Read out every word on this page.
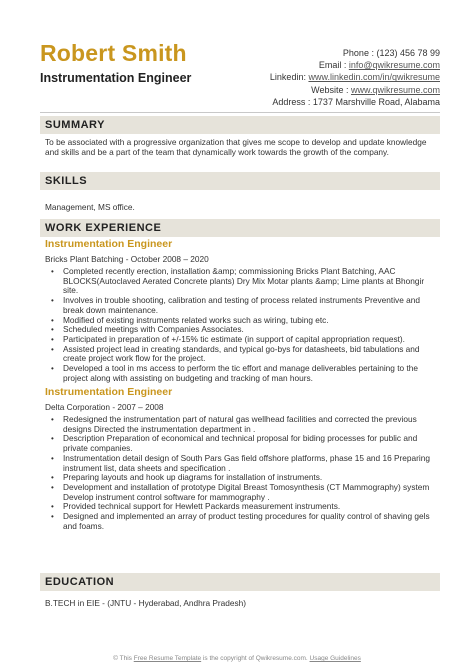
Robert Smith
Instrumentation Engineer
Phone : (123) 456 78 99
Email : info@qwikresume.com
Linkedin: www.linkedin.com/in/qwikresume
Website : www.qwikresume.com
Address : 1737 Marshville Road, Alabama
SUMMARY
To be associated with a progressive organization that gives me scope to develop and update knowledge and skills and be a part of the team that dynamically work towards the growth of the company.
SKILLS
Management, MS office.
WORK EXPERIENCE
Instrumentation Engineer
Bricks Plant Batching - October 2008 – 2020
• Completed recently erection, installation &amp; commissioning Bricks Plant Batching, AAC BLOCKS(Autoclaved Aerated Concrete plants) Dry Mix Motar plants &amp; Lime plants at Bhongir site.
• Involves in trouble shooting, calibration and testing of process related instruments Preventive and break down maintenance.
• Modified of existing instruments related works such as wiring, tubing etc.
• Scheduled meetings with Companies Associates.
• Participated in preparation of +/-15% tic estimate (in support of capital appropriation request).
• Assisted project lead in creating standards, and typical go-bys for datasheets, bid tabulations and create project work flow for the project.
• Developed a tool in ms access to perform the tic effort and manage deliverables pertaining to the project along with assisting on budgeting and tracking of man hours.
Instrumentation Engineer
Delta Corporation - 2007 – 2008
• Redesigned the instrumentation part of natural gas wellhead facilities and corrected the previous designs Directed the instrumentation department in .
• Description Preparation of economical and technical proposal for biding processes for public and private companies.
• Instrumentation detail design of South Pars Gas field offshore platforms, phase 15 and 16 Preparing instrument list, data sheets and specification .
• Preparing layouts and hook up diagrams for installation of instruments.
• Development and installation of prototype Digital Breast Tomosynthesis (CT Mammography) system Develop instrument control software for mammography .
• Provided technical support for Hewlett Packards measurement instruments.
• Designed and implemented an array of product testing procedures for quality control of shaving gels and foams.
EDUCATION
B.TECH in EIE - (JNTU - Hyderabad, Andhra Pradesh)
© This Free Resume Template is the copyright of Qwikresume.com. Usage Guidelines
